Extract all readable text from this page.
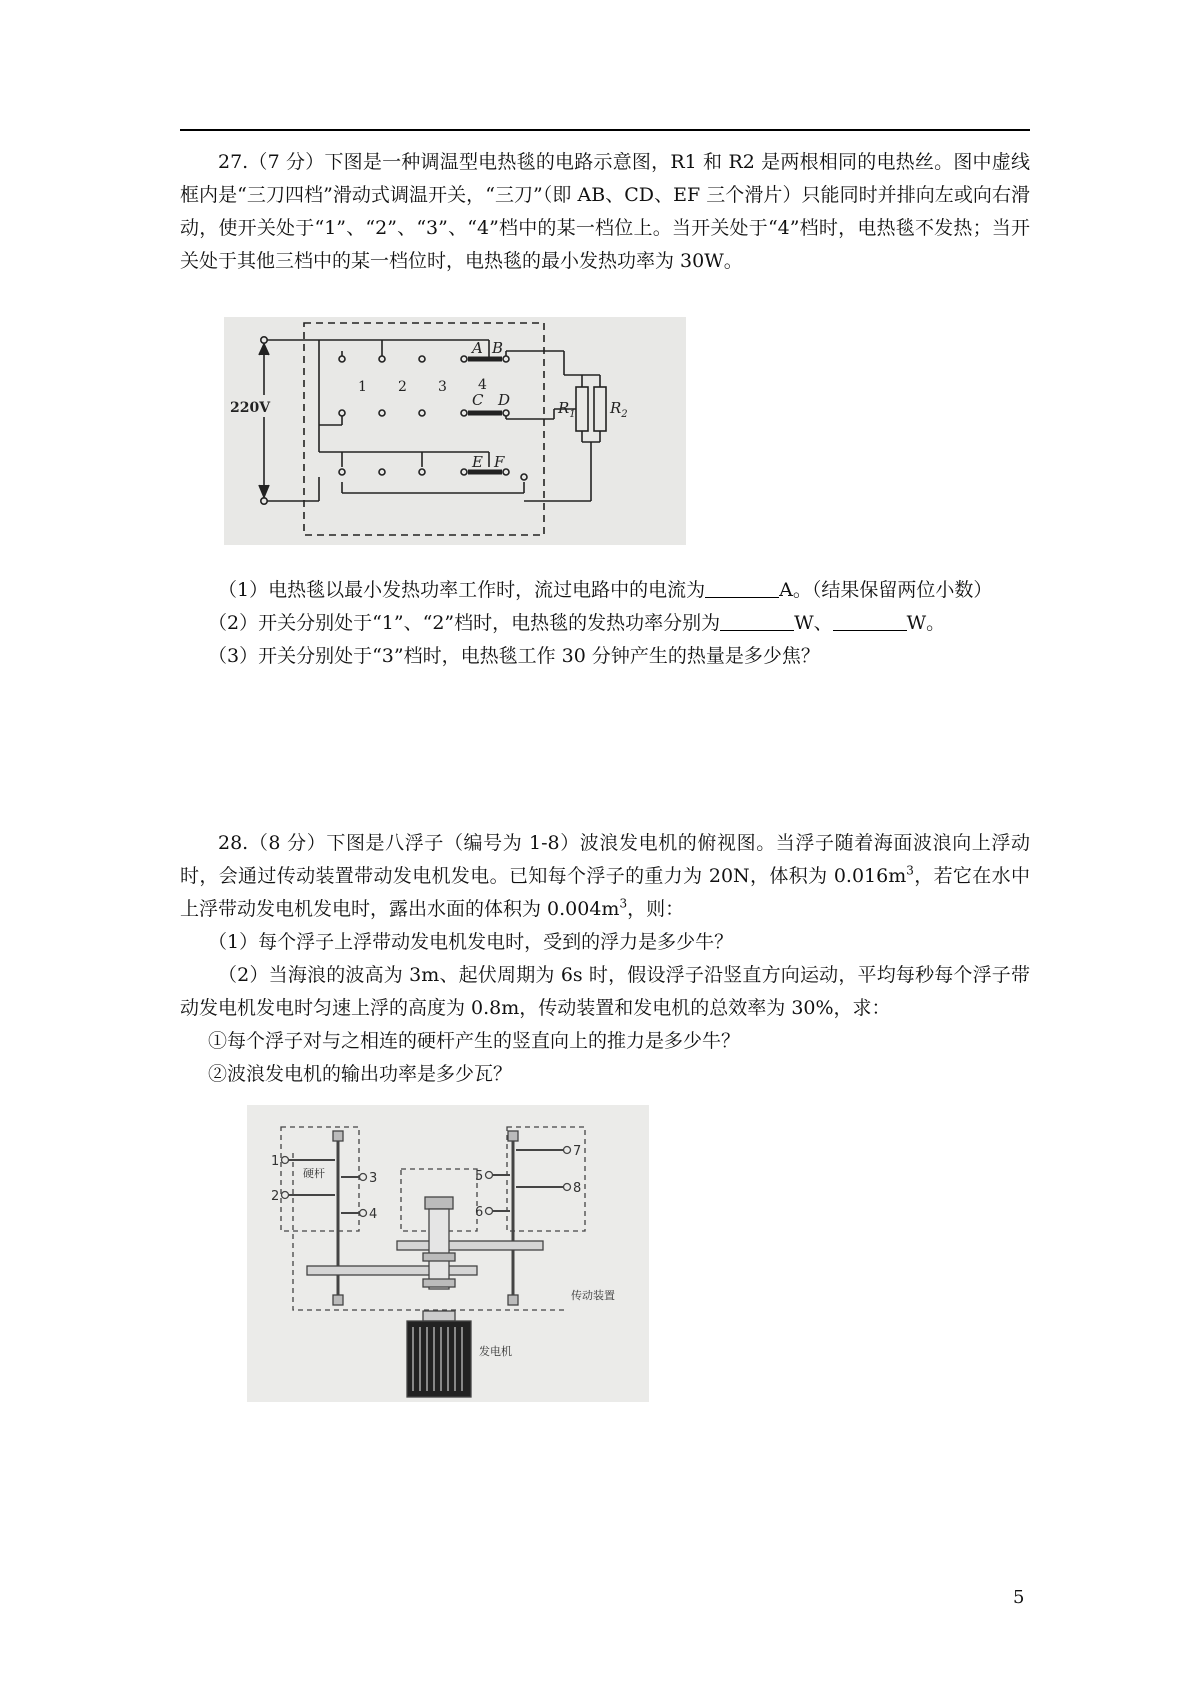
27.（7 分）下图是一种调温型电热毯的电路示意图，R1 和 R2 是两根相同的电热丝。图中虚线框内是“三刀四档”滑动式调温开关，“三刀”（即 AB、CD、EF 三个滑片）只能同时并排向左或向右滑动，使开关处于“1”、“2”、“3”、“4”档中的某一档位上。当开关处于“4”档时，电热毯不发热；当开关处于其他三档中的某一档位时，电热毯的最小发热功率为 30W。

（1）电热毯以最小发热功率工作时，流过电路中的电流为	A。（结果保留两位小数）

（2）开关分别处于“1”、“2”档时，电热毯的发热功率分别为	W、	W。

（3）开关分别处于“3”档时，电热毯工作 30 分钟产生的热量是多少焦？

28.（8 分）下图是八浮子（编号为 1-8）波浪发电机的俯视图。当浮子随着海面波浪向上浮动时，会通过传动装置带动发电机发电。已知每个浮子的重力为 20N，体积为 $0.016m^3$，若它在水中上浮带动发电机发电时，露出水面的体积为 $0.004m^3$，则：

（1）每个浮子上浮带动发电机发电时，受到的浮力是多少牛？

（2）当海浪的波高为 3m、起伏周期为 6s 时，假设浮子沿竖直方向运动，平均每秒每个浮子带动发电机发电时匀速上浮的高度为 0.8m，传动装置和发电机的总效率为 30%，求：

①每个浮子对与之相连的硬杆产生的竖直向上的推力是多少牛？

②波浪发电机的输出功率是多少瓦？

220V
1 2 3 4
A B
C D
E F
$R_1$ $R_2$
1
2
3
4
5
6
7
8
硬杆
传动装置
发电机
5
